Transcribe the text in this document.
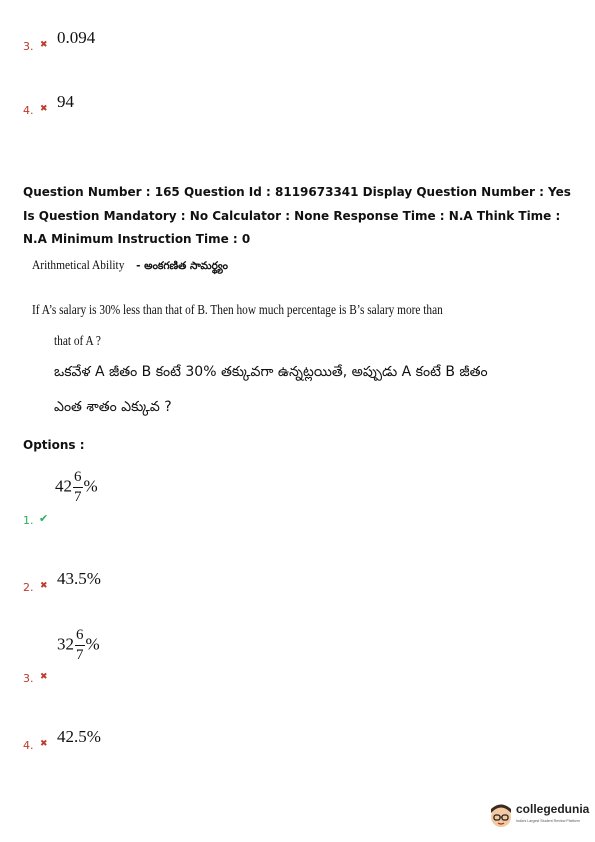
3. ✖ 0.094
4. ✖ 94
Question Number : 165 Question Id : 8119673341 Display Question Number : Yes Is Question Mandatory : No Calculator : None Response Time : N.A Think Time : N.A Minimum Instruction Time : 0
Arithmetical Ability - అంకగణిత సామర్థ్యం
If A’s salary is 30% less than that of B. Then how much percentage is B’s salary more than
that of A ?
ఒకవేళ A జీతం B కంటే 30% తక్కువగా ఉన్నట్లయితే, అప్పుడు A కంటే B జీతం
ఎంత శాతం ఎక్కువ ?
Options :
$42 \frac{6}{7}$ %
1. ✔
2. ✖ 43.5%
$32 \frac{6}{7}$ %
3. ✖
4. ✖ 42.5%
collegedunia
India's Largest Student Review Platform
